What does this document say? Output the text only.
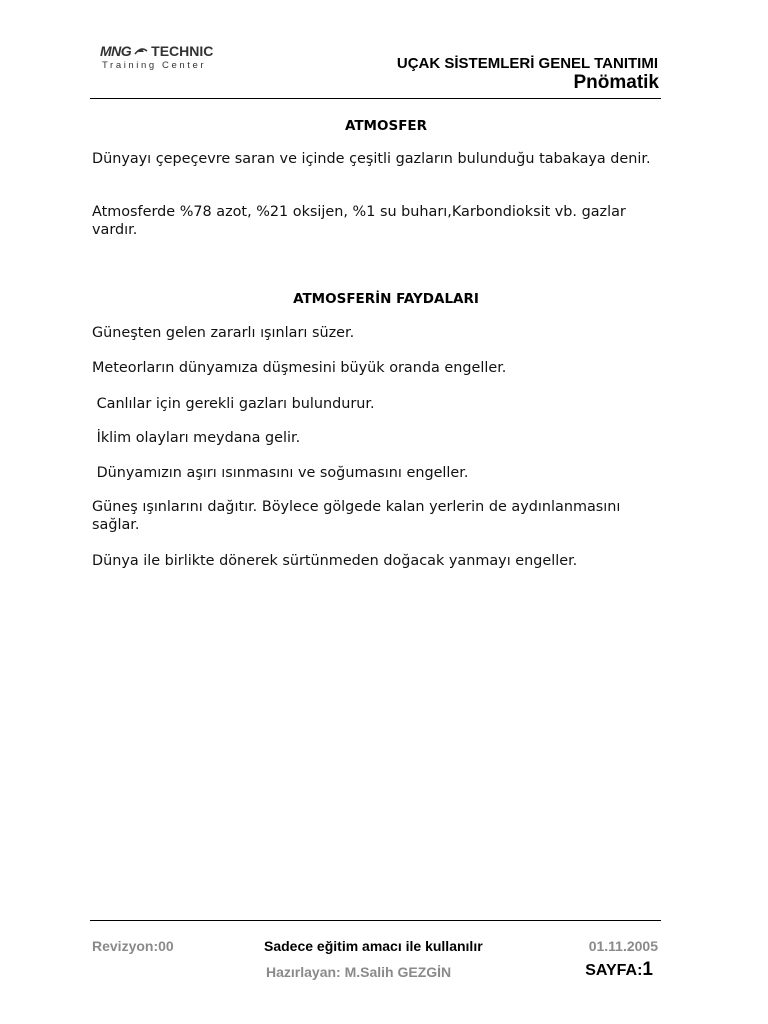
MNG TECHNIC
Training Center	UÇAK SİSTEMLERİ GENEL TANITIMI
Pnömatik
ATMOSFER

Dünyayı çepeçevre saran ve içinde çeşitli gazların bulunduğu tabakaya denir.

Atmosferde %78 azot, %21 oksijen, %1 su buharı,Karbondioksit vb. gazlar vardır.

ATMOSFERİN FAYDALARI

Güneşten gelen zararlı ışınları süzer.

Meteorların dünyamıza düşmesini büyük oranda engeller.

Canlılar için gerekli gazları bulundurur.

İklim olayları meydana gelir.

Dünyamızın aşırı ısınmasını ve soğumasını engeller.

Güneş ışınlarını dağıtır. Böylece gölgede kalan yerlerin de aydınlanmasını sağlar.

Dünya ile birlikte dönerek sürtünmeden doğacak yanmayı engeller.

Revizyon:00	Sadece eğitim amacı ile kullanılır	01.11.2005
Hazırlayan: M.Salih GEZGİN	SAYFA:1
